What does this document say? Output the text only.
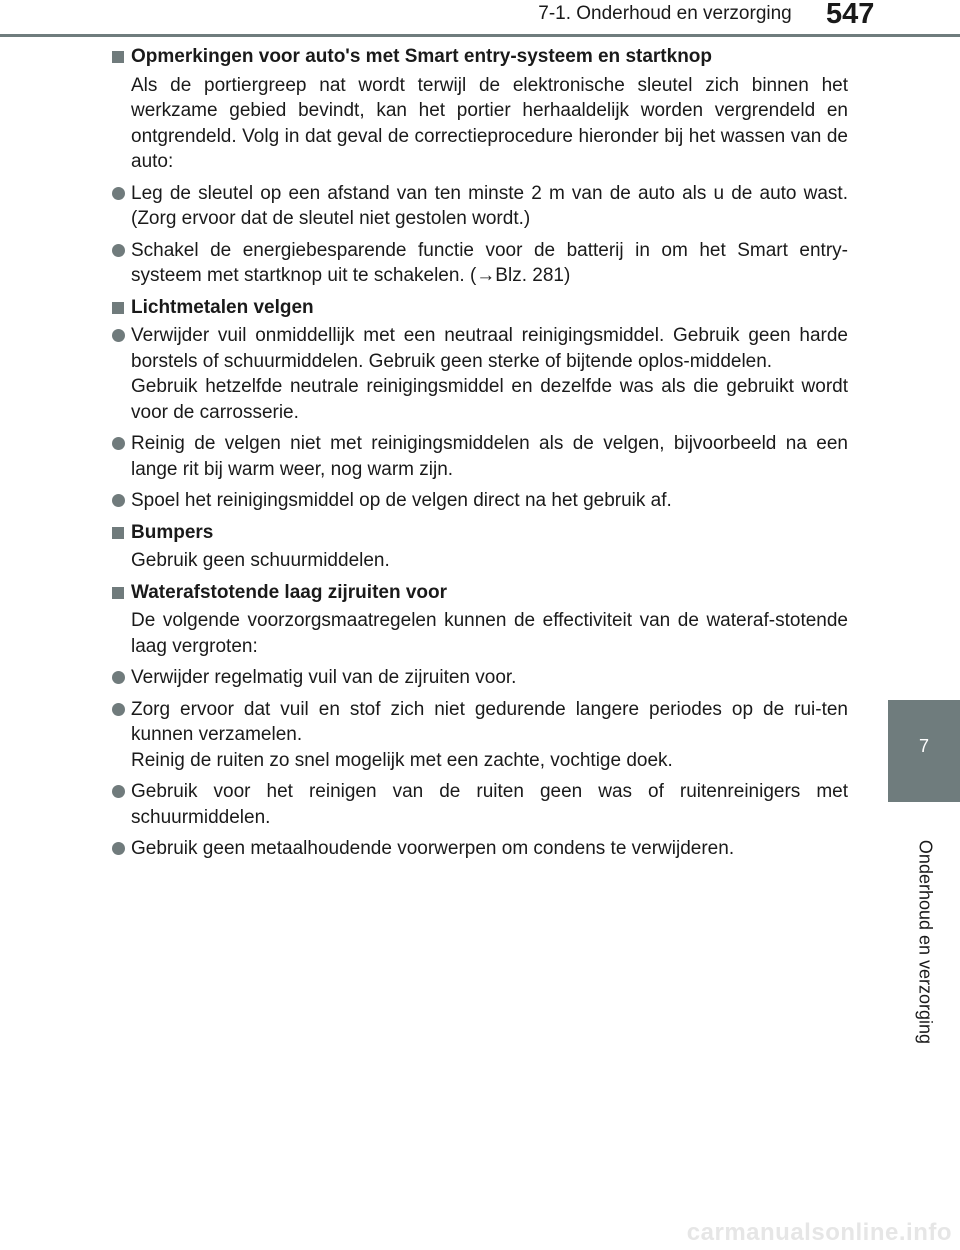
7-1. Onderhoud en verzorging	547
7
Onderhoud en verzorging
Opmerkingen voor auto's met Smart entry-systeem en startknop
Als de portiergreep nat wordt terwijl de elektronische sleutel zich binnen het werkzame gebied bevindt, kan het portier herhaaldelijk worden vergrendeld en ontgrendeld. Volg in dat geval de correctieprocedure hieronder bij het wassen van de auto:
Leg de sleutel op een afstand van ten minste 2 m van de auto als u de auto wast. (Zorg ervoor dat de sleutel niet gestolen wordt.)
Schakel de energiebesparende functie voor de batterij in om het Smart entry-systeem met startknop uit te schakelen. (→Blz. 281)
Lichtmetalen velgen
Verwijder vuil onmiddellijk met een neutraal reinigingsmiddel. Gebruik geen harde borstels of schuurmiddelen. Gebruik geen sterke of bijtende oplos-middelen.
Gebruik hetzelfde neutrale reinigingsmiddel en dezelfde was als die gebruikt wordt voor de carrosserie.
Reinig de velgen niet met reinigingsmiddelen als de velgen, bijvoorbeeld na een lange rit bij warm weer, nog warm zijn.
Spoel het reinigingsmiddel op de velgen direct na het gebruik af.
Bumpers
Gebruik geen schuurmiddelen.
Waterafstotende laag zijruiten voor
De volgende voorzorgsmaatregelen kunnen de effectiviteit van de wateraf-stotende laag vergroten:
Verwijder regelmatig vuil van de zijruiten voor.
Zorg ervoor dat vuil en stof zich niet gedurende langere periodes op de rui-ten kunnen verzamelen.
Reinig de ruiten zo snel mogelijk met een zachte, vochtige doek.
Gebruik voor het reinigen van de ruiten geen was of ruitenreinigers met schuurmiddelen.
Gebruik geen metaalhoudende voorwerpen om condens te verwijderen.
carmanualsonline.info
